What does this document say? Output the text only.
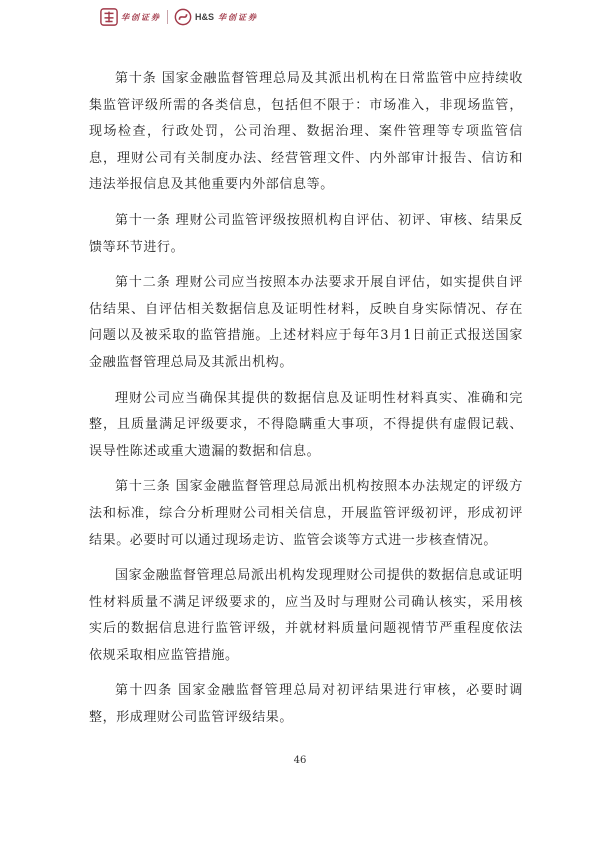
华创证券	H&S 华创证券

第十条 国家金融监督管理总局及其派出机构在日常监管中应持续收集监管评级所需的各类信息，包括但不限于：市场准入，非现场监管，现场检查，行政处罚，公司治理、数据治理、案件管理等专项监管信息，理财公司有关制度办法、经营管理文件、内外部审计报告、信访和违法举报信息及其他重要内外部信息等。

第十一条 理财公司监管评级按照机构自评估、初评、审核、结果反馈等环节进行。

第十二条 理财公司应当按照本办法要求开展自评估，如实提供自评估结果、自评估相关数据信息及证明性材料，反映自身实际情况、存在问题以及被采取的监管措施。上述材料应于每年3月1日前正式报送国家金融监督管理总局及其派出机构。

理财公司应当确保其提供的数据信息及证明性材料真实、准确和完整，且质量满足评级要求，不得隐瞒重大事项，不得提供有虚假记载、误导性陈述或重大遗漏的数据和信息。

第十三条 国家金融监督管理总局派出机构按照本办法规定的评级方法和标准，综合分析理财公司相关信息，开展监管评级初评，形成初评结果。必要时可以通过现场走访、监管会谈等方式进一步核查情况。

国家金融监督管理总局派出机构发现理财公司提供的数据信息或证明性材料质量不满足评级要求的，应当及时与理财公司确认核实，采用核实后的数据信息进行监管评级，并就材料质量问题视情节严重程度依法依规采取相应监管措施。

第十四条 国家金融监督管理总局对初评结果进行审核，必要时调整，形成理财公司监管评级结果。

46
